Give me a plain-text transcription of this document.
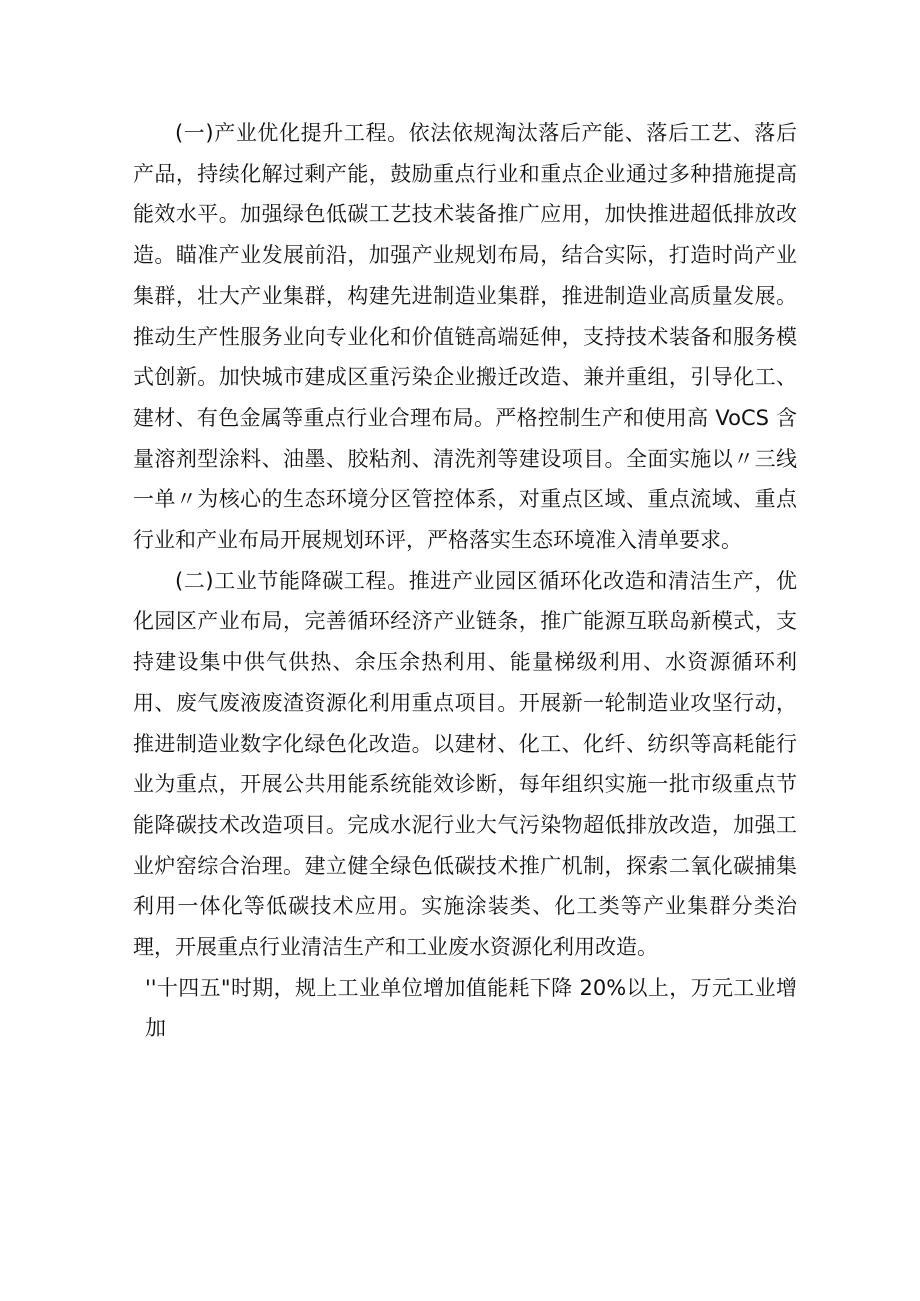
(一)产业优化提升工程。依法依规淘汰落后产能、落后工艺、落后产品，持续化解过剩产能，鼓励重点行业和重点企业通过多种措施提高能效水平。加强绿色低碳工艺技术装备推广应用，加快推进超低排放改造。瞄准产业发展前沿，加强产业规划布局，结合实际，打造时尚产业集群，壮大产业集群，构建先进制造业集群，推进制造业高质量发展。推动生产性服务业向专业化和价值链高端延伸，支持技术装备和服务模式创新。加快城市建成区重污染企业搬迁改造、兼并重组，引导化工、建材、有色金属等重点行业合理布局。严格控制生产和使用高 VoCS 含量溶剂型涂料、油墨、胶粘剂、清洗剂等建设项目。全面实施以〃三线一单〃为核心的生态环境分区管控体系，对重点区域、重点流域、重点行业和产业布局开展规划环评，严格落实生态环境准入清单要求。

(二)工业节能降碳工程。推进产业园区循环化改造和清洁生产，优化园区产业布局，完善循环经济产业链条，推广能源互联岛新模式，支持建设集中供气供热、余压余热利用、能量梯级利用、水资源循环利用、废气废液废渣资源化利用重点项目。开展新一轮制造业攻坚行动，推进制造业数字化绿色化改造。以建材、化工、化纤、纺织等高耗能行业为重点，开展公共用能系统能效诊断，每年组织实施一批市级重点节能降碳技术改造项目。完成水泥行业大气污染物超低排放改造，加强工业炉窑综合治理。建立健全绿色低碳技术推广机制，探索二氧化碳捕集利用一体化等低碳技术应用。实施涂装类、化工类等产业集群分类治理，开展重点行业清洁生产和工业废水资源化利用改造。

''十四五"时期，规上工业单位增加值能耗下降 20%以上，万元工业增加
